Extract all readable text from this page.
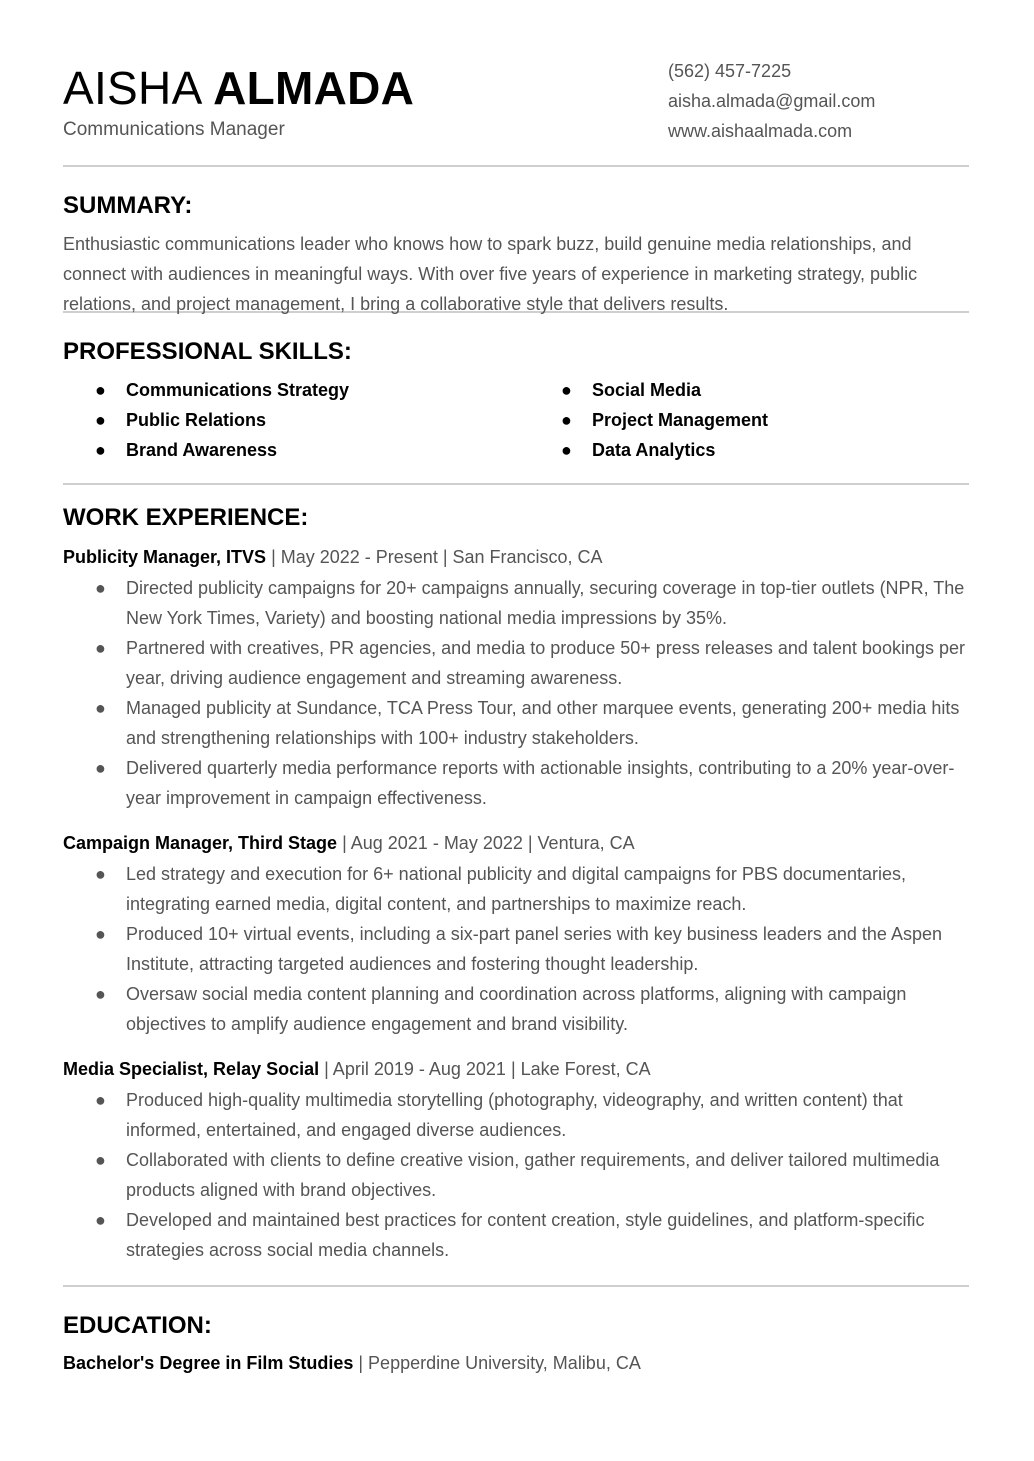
AISHA ALMADA
Communications Manager
(562) 457-7225
aisha.almada@gmail.com
www.aishaalmada.com
SUMMARY:

Enthusiastic communications leader who knows how to spark buzz, build genuine media relationships, and connect with audiences in meaningful ways. With over five years of experience in marketing strategy, public relations, and project management, I bring a collaborative style that delivers results.

PROFESSIONAL SKILLS:
● Communications Strategy
● Public Relations
● Brand Awareness
● Social Media
● Project Management
● Data Analytics
WORK EXPERIENCE:
Publicity Manager, ITVS | May 2022 - Present | San Francisco, CA
● Directed publicity campaigns for 20+ campaigns annually, securing coverage in top-tier outlets (NPR, The New York Times, Variety) and boosting national media impressions by 35%.
● Partnered with creatives, PR agencies, and media to produce 50+ press releases and talent bookings per year, driving audience engagement and streaming awareness.
● Managed publicity at Sundance, TCA Press Tour, and other marquee events, generating 200+ media hits and strengthening relationships with 100+ industry stakeholders.
● Delivered quarterly media performance reports with actionable insights, contributing to a 20% year-over-year improvement in campaign effectiveness.
Campaign Manager, Third Stage | Aug 2021 - May 2022 | Ventura, CA
● Led strategy and execution for 6+ national publicity and digital campaigns for PBS documentaries, integrating earned media, digital content, and partnerships to maximize reach.
● Produced 10+ virtual events, including a six-part panel series with key business leaders and the Aspen Institute, attracting targeted audiences and fostering thought leadership.
● Oversaw social media content planning and coordination across platforms, aligning with campaign objectives to amplify audience engagement and brand visibility.
Media Specialist, Relay Social | April 2019 - Aug 2021 | Lake Forest, CA
● Produced high-quality multimedia storytelling (photography, videography, and written content) that informed, entertained, and engaged diverse audiences.
● Collaborated with clients to define creative vision, gather requirements, and deliver tailored multimedia products aligned with brand objectives.
● Developed and maintained best practices for content creation, style guidelines, and platform-specific strategies across social media channels.
EDUCATION:
Bachelor's Degree in Film Studies | Pepperdine University, Malibu, CA
